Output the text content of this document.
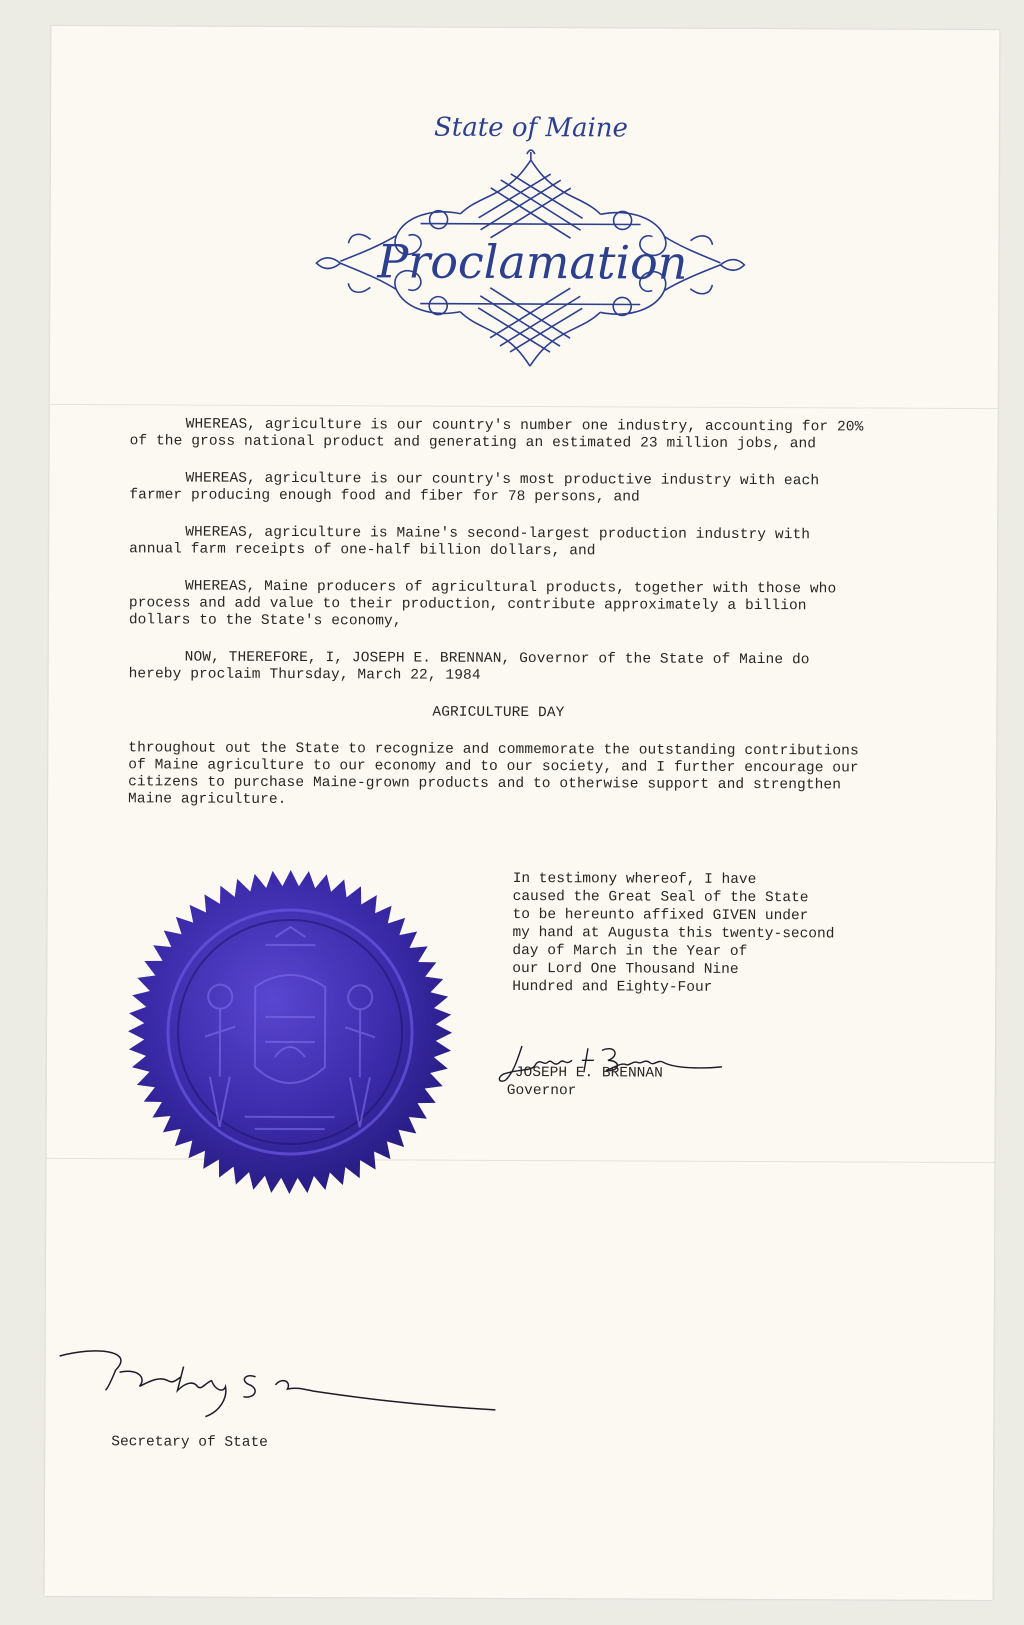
State of Maine
Proclamation

WHEREAS, agriculture is our country's number one industry, accounting for 20% of the gross national product and generating an estimated 23 million jobs, and

WHEREAS, agriculture is our country's most productive industry with each farmer producing enough food and fiber for 78 persons, and

WHEREAS, agriculture is Maine's second-largest production industry with annual farm receipts of one-half billion dollars, and

WHEREAS, Maine producers of agricultural products, together with those who process and add value to their production, contribute approximately a billion dollars to the State's economy,

NOW, THEREFORE, I, JOSEPH E. BRENNAN, Governor of the State of Maine do hereby proclaim Thursday, March 22, 1984

AGRICULTURE DAY

throughout out the State to recognize and commemorate the outstanding contributions of Maine agriculture to our economy and to our society, and I further encourage our citizens to purchase Maine-grown products and to otherwise support and strengthen Maine agriculture.

In testimony whereof, I have
caused the Great Seal of the State
to be hereunto affixed GIVEN under
my hand at Augusta this twenty-second
day of March in the Year of
our Lord One Thousand Nine
Hundred and Eighty-Four
JOSEPH E. BRENNAN
Governor
Secretary of State
